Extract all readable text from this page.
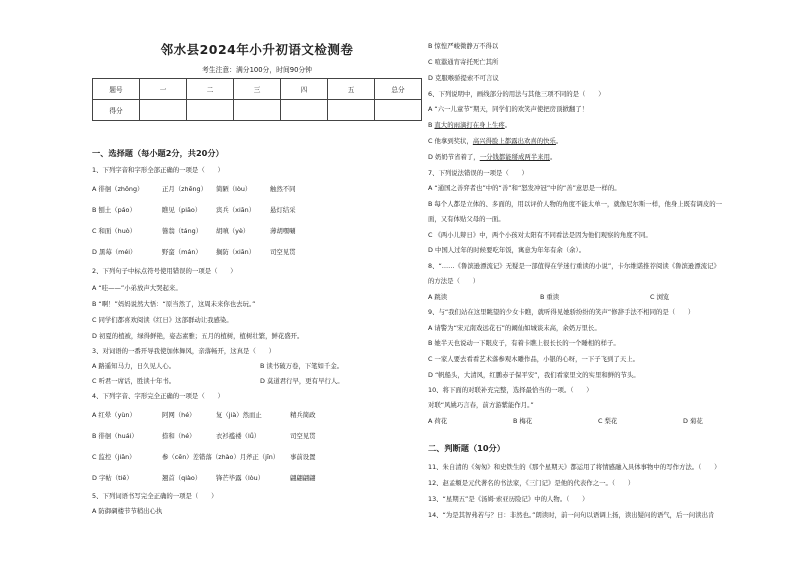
邻水县2024年小升初语文检测卷
考生注意：满分100分，时间90分钟
题号	一	二	三	四	五	总分
得分						
一、选择题（每小题2分，共20分）
1、下列字音和字形全部正确的一项是（　　）
A 徘徊（zhǒng）	正月（zhēng） 简陋（lòu）	触然不同
B 刨土（páo）	瞧见（piāo） 宾兵（xiān） 悬灯结采
C 和面（huò）	簪翁（táng） 胡嗔（yè）	薄胡嘿唰
D 黑莓（méi）	野蛮（mán） 搁防（xiān） 司空见贯
2、下列句子中标点符号使用错误的一项是（　　）
A “哇——”小弟放声大哭起来。
B “啊！”妈妈说然大悟：“原当然了，这周未来你也去玩。”
C 同学们都喜欢阅读《红日》这部群动让我感染。
D 初夏的植被，绿得鲜艳，姿态素雅；五月的植树，植树壮繁，鲜花盛开。
3、对词语的一番开导我使加体舞风，亲落畅开，这真是（　　）
A 路遥知马力，日久见人心。	B 读书破万卷，下笔如千金。
C 听君一席话，胜读十年书。	D 莫道君行早，更有早行人。
4、下列字音、字形完全正确的一项是（　　）
A 红晕（yùn）	阿网（hé）	复（jià）然而止	精兵简政
B 徘徊（huái）	捺和（hé）	衣衫褴褛（lǚ）	司空见贯
C 监控（jiān）	参（cēn）差错落（zhào）月 斧正（jīn） 事前设置
D 字帖（tiē）	翘首（qiào） 锋芒毕露（lòu）	翩翩翩翩
5、下列词语书写完全正确的一项是（　　）
A 防御碉楼节节稍出心执
B 惊惶严峻微静万不得以
C 喧嚣通宵寄托死亡其所
D 克服喉骄提索不可言议
6、下列说明中，画线部分的用法与其他三项不同的是（　　）
A “六一儿童节”期天，同学们的欢笑声使把房顶掀翻了！
B 直大的雨滴打在身上生疼。
C 他拿到奖状，高兴得脸上都露出欢喜的快乐。
D 奶奶节省着了，一分钱都能掰成两半来用。
7、下列说法错误的一项是（　　）
A “通国之善弈者也”中的“善”和“怒发冲冠”中的“善”意思是一样的。
B 每个人都是立体的、多面的，用以评价人物的角度不能太单一，就像尼尔斯一样，他身上既有调皮的一
面，又有体贴父母的一面。
C 《两小儿辩日》中，两个小孩对太阳有不同看法是因为他们观察的角度不同。
D 中国人过年的时候要吃年饭，寓意为年年有余（余）。
8、“……《鲁滨逊漂流记》无疑是一部值得在学迷行重读的小说”，卡尔维诺推荐阅读《鲁滨逊漂流记》
的方法是（　　）
A 跳读	B 重读	C 浏览
9、与“我们站在这里眺望的少女卡瞧，就听得见她骄纷纷的笑声”修辞手法不相同的是（　　）
A 请警为“宋元南戏远花石”的阚仙如城谈末高，余奶万里长。
B 她半天也说动一下眼皮子，有着卡瞧上很长长的一个睡相的样子。
C 一家人要去看看艺术落参观木雕作品，小银的心呀，一下子飞到了天上。
D “帆船头，大清风，红鹏赤子保平安”，我们看家里文的实里和鲜的节头。
10、将下面的对联补充完整，选择最恰当的一项。（　　）
对联“风姚巧言春，前方游紫能作月。”
A 荷花	B 梅花	C 梨花	D 菊花
二、判断题（10分）
11、朱自清的《匆匆》和史铁生的《那个星期天》都运用了将情感融入具体事物中的写作方法。（　　）
12、赵孟頫是元代著名的书法家，《三门记》是他的代表作之一。（　　）
13、“星期五”是《汤姆·索亚历险记》中的人物。（　　）
14、“为是其智弗若与？日：非然也。”朗读时，前一问句以语调上扬，读出疑问的语气，后一问读出肯
